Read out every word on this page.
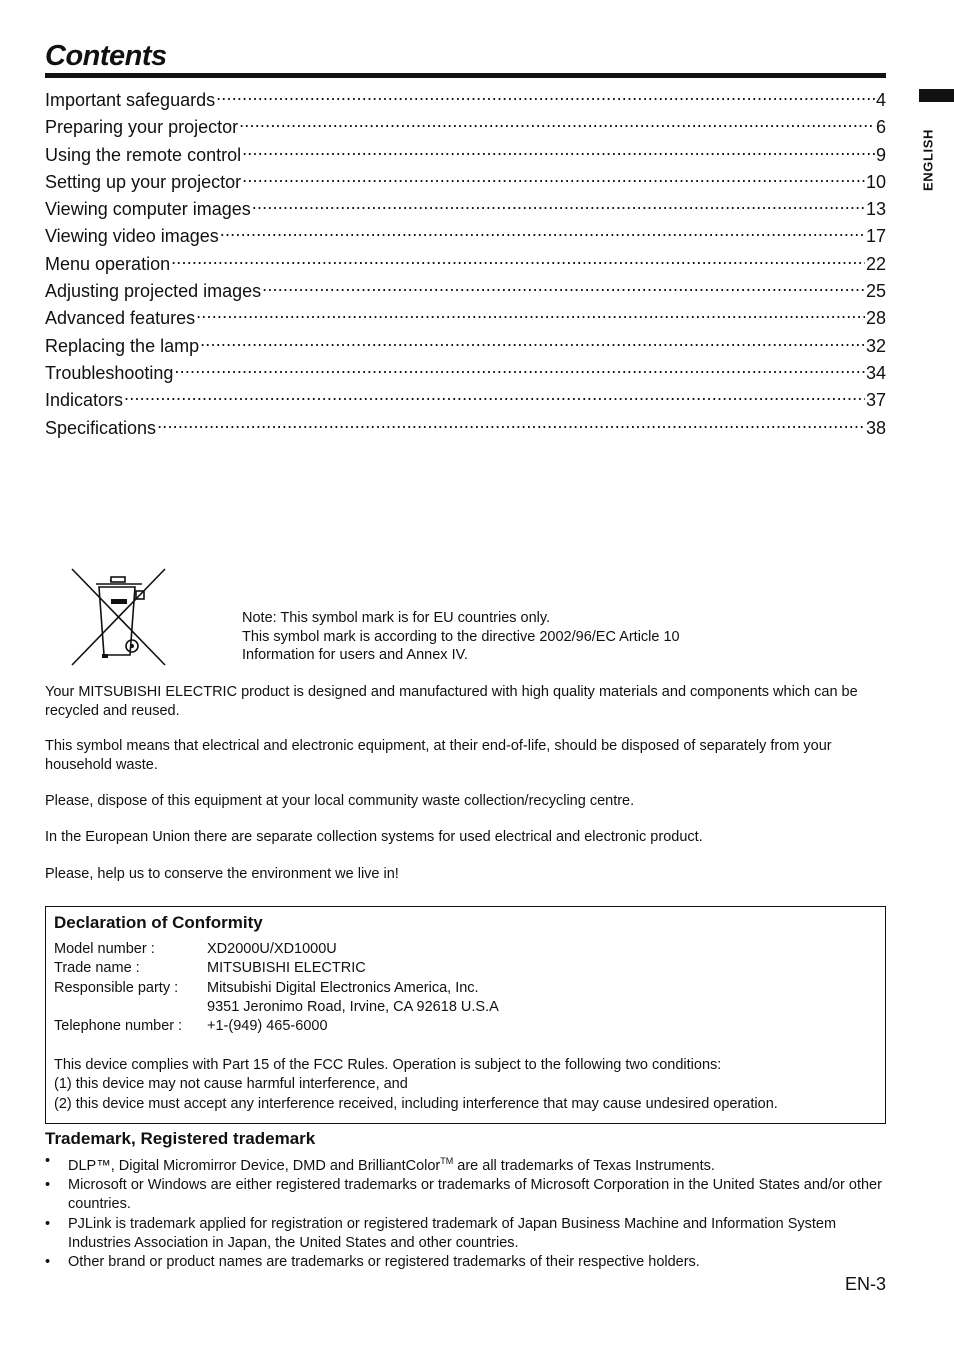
Contents
ENGLISH
Important safeguards .....	4
Preparing your projector .....	6
Using the remote control .....	9
Setting up your projector .....	10
Viewing computer images .....	13
Viewing video images .....	17
Menu operation .....	22
Adjusting projected images .....	25
Advanced features .....	28
Replacing the lamp .....	32
Troubleshooting .....	34
Indicators .....	37
Specifications .....	38
Note: This symbol mark is for EU countries only.
This symbol mark is according to the directive 2002/96/EC Article 10
Information for users and Annex IV.

Your MITSUBISHI ELECTRIC product is designed and manufactured with high quality materials and components which can be recycled and reused.

This symbol means that electrical and electronic equipment, at their end-of-life, should be disposed of separately from your household waste.

Please, dispose of this equipment at your local community waste collection/recycling centre.

In the European Union there are separate collection systems for used electrical and electronic product.

Please, help us to conserve the environment we live in!

Declaration of Conformity
Model number :	XD2000U/XD1000U
Trade name :	MITSUBISHI ELECTRIC
Responsible party : Mitsubishi Digital Electronics America, Inc.
9351 Jeronimo Road, Irvine, CA 92618 U.S.A
Telephone number : +1-(949) 465-6000
This device complies with Part 15 of the FCC Rules. Operation is subject to the following two conditions:
(1) this device may not cause harmful interference, and
(2) this device must accept any interference received, including interference that may cause undesired operation.
Trademark, Registered trademark
• DLP™, Digital Micromirror Device, DMD and BrilliantColor™ are all trademarks of Texas Instruments.
• Microsoft or Windows are either registered trademarks or trademarks of Microsoft Corporation in the United States and/or other countries.
• PJLink is trademark applied for registration or registered trademark of Japan Business Machine and Information System Industries Association in Japan, the United States and other countries.
• Other brand or product names are trademarks or registered trademarks of their respective holders.
EN-3
